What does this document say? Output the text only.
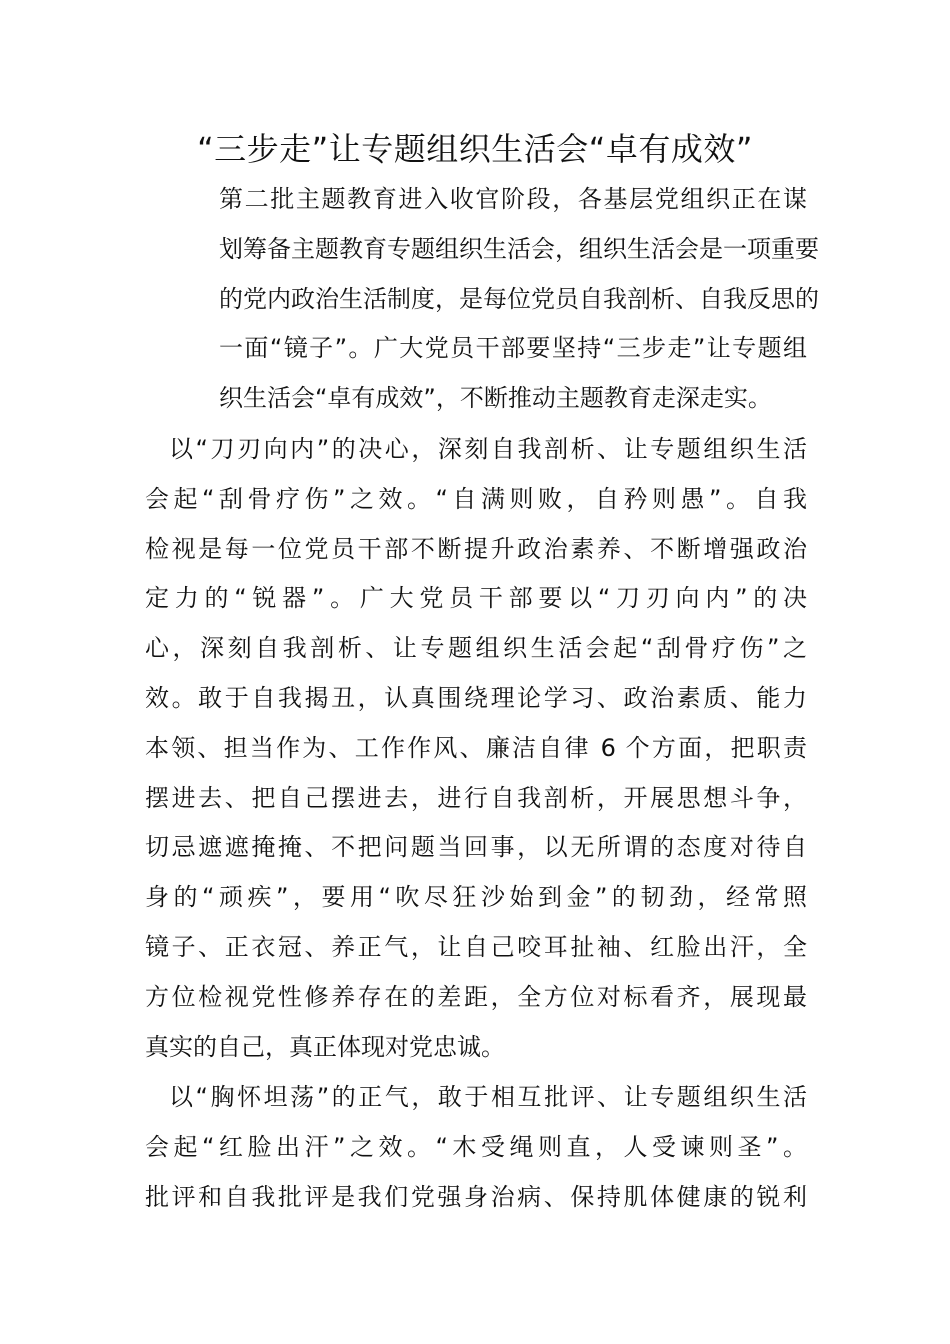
“三步走”让专题组织生活会“卓有成效”

第二批主题教育进入收官阶段，各基层党组织正在谋
划筹备主题教育专题组织生活会，组织生活会是一项重要
的党内政治生活制度，是每位党员自我剖析、自我反思的
一面“镜子”。广大党员干部要坚持“三步走”让专题组
织生活会“卓有成效”，不断推动主题教育走深走实。

以“刀刃向内”的决心，深刻自我剖析、让专题组织生活
会起“刮骨疗伤”之效。“自满则败，自矜则愚”。自我
检视是每一位党员干部不断提升政治素养、不断增强政治
定力的“锐器”。广大党员干部要以“刀刃向内”的决
心，深刻自我剖析、让专题组织生活会起“刮骨疗伤”之
效。敢于自我揭丑，认真围绕理论学习、政治素质、能力
本领、担当作为、工作作风、廉洁自律 6 个方面，把职责
摆进去、把自己摆进去，进行自我剖析，开展思想斗争，
切忌遮遮掩掩、不把问题当回事，以无所谓的态度对待自
身的“顽疾”，要用“吹尽狂沙始到金”的韧劲，经常照
镜子、正衣冠、养正气，让自己咬耳扯袖、红脸出汗，全
方位检视党性修养存在的差距，全方位对标看齐，展现最
真实的自己，真正体现对党忠诚。

以“胸怀坦荡”的正气，敢于相互批评、让专题组织生活
会起“红脸出汗”之效。“木受绳则直，人受谏则圣”。
批评和自我批评是我们党强身治病、保持肌体健康的锐利
